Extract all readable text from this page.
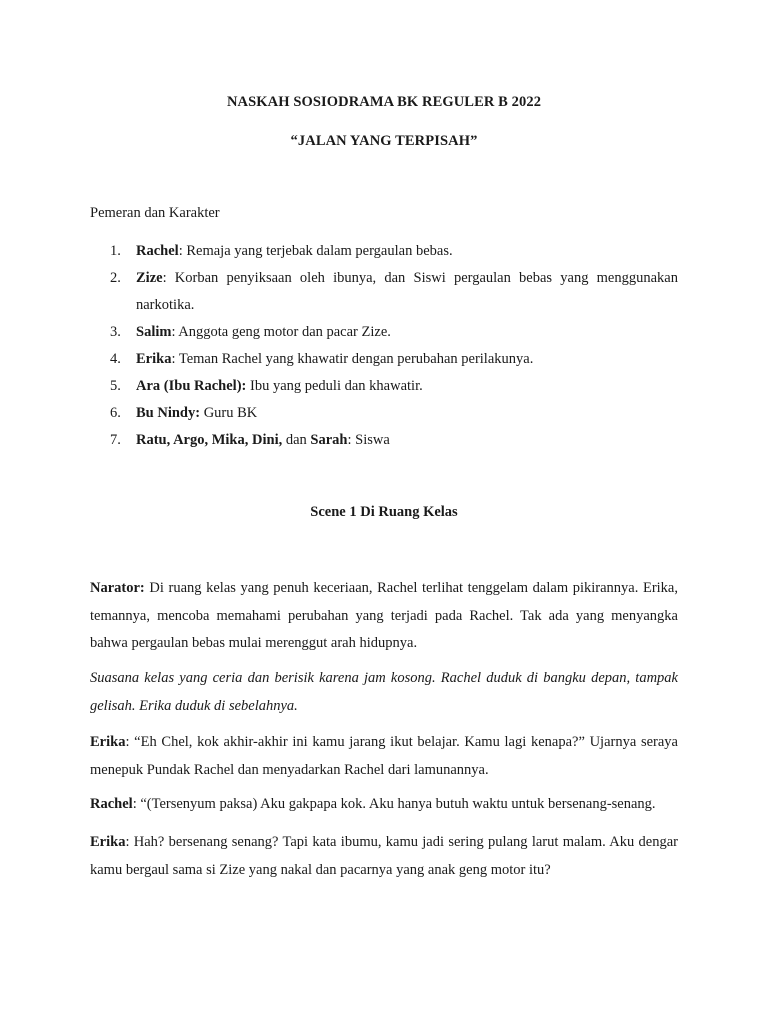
NASKAH SOSIODRAMA BK REGULER B 2022
“JALAN YANG TERPISAH”
Pemeran dan Karakter
1. Rachel: Remaja yang terjebak dalam pergaulan bebas.
2. Zize: Korban penyiksaan oleh ibunya, dan Siswi pergaulan bebas yang menggunakan narkotika.
3. Salim: Anggota geng motor dan pacar Zize.
4. Erika: Teman Rachel yang khawatir dengan perubahan perilakunya.
5. Ara (Ibu Rachel): Ibu yang peduli dan khawatir.
6. Bu Nindy: Guru BK
7. Ratu, Argo, Mika, Dini, dan Sarah: Siswa
Scene 1 Di Ruang Kelas

Narator: Di ruang kelas yang penuh keceriaan, Rachel terlihat tenggelam dalam pikirannya. Erika, temannya, mencoba memahami perubahan yang terjadi pada Rachel. Tak ada yang menyangka bahwa pergaulan bebas mulai merenggut arah hidupnya.

Suasana kelas yang ceria dan berisik karena jam kosong. Rachel duduk di bangku depan, tampak gelisah. Erika duduk di sebelahnya.

Erika: “Eh Chel, kok akhir-akhir ini kamu jarang ikut belajar. Kamu lagi kenapa?” Ujarnya seraya menepuk Pundak Rachel dan menyadarkan Rachel dari lamunannya.

Rachel: “(Tersenyum paksa) Aku gakpapa kok. Aku hanya butuh waktu untuk bersenang-senang.

Erika: Hah? bersenang senang? Tapi kata ibumu, kamu jadi sering pulang larut malam. Aku dengar kamu bergaul sama si Zize yang nakal dan pacarnya yang anak geng motor itu?
